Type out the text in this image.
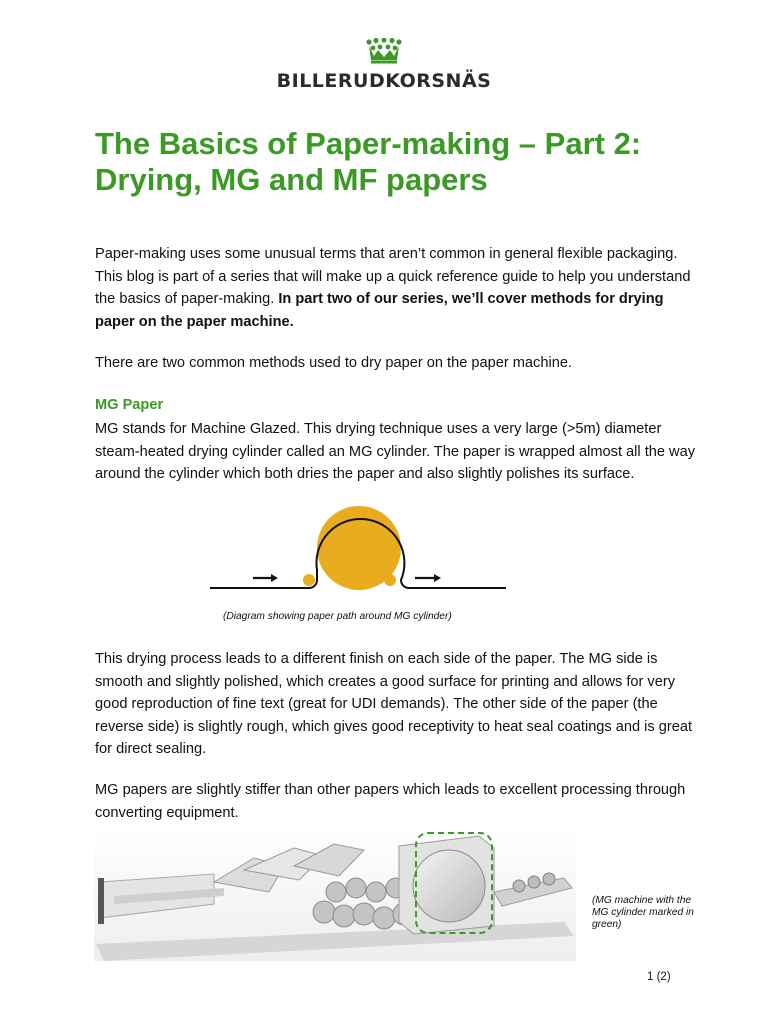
BILLERUDKORSNÄS
The Basics of Paper-making – Part 2:
Drying, MG and MF papers

Paper-making uses some unusual terms that aren’t common in general flexible packaging. This blog is part of a series that will make up a quick reference guide to help you understand the basics of paper-making. In part two of our series, we’ll cover methods for drying paper on the paper machine.

There are two common methods used to dry paper on the paper machine.

MG Paper

MG stands for Machine Glazed. This drying technique uses a very large (>5m) diameter steam-heated drying cylinder called an MG cylinder. The paper is wrapped almost all the way around the cylinder which both dries the paper and also slightly polishes its surface.

(Diagram showing paper path around MG cylinder)

This drying process leads to a different finish on each side of the paper. The MG side is smooth and slightly polished, which creates a good surface for printing and allows for very good reproduction of fine text (great for UDI demands). The other side of the paper (the reverse side) is slightly rough, which gives good receptivity to heat seal coatings and is great for direct sealing.

MG papers are slightly stiffer than other papers which leads to excellent processing through converting equipment.

(MG machine with the MG cylinder marked in green)
1 (2)
